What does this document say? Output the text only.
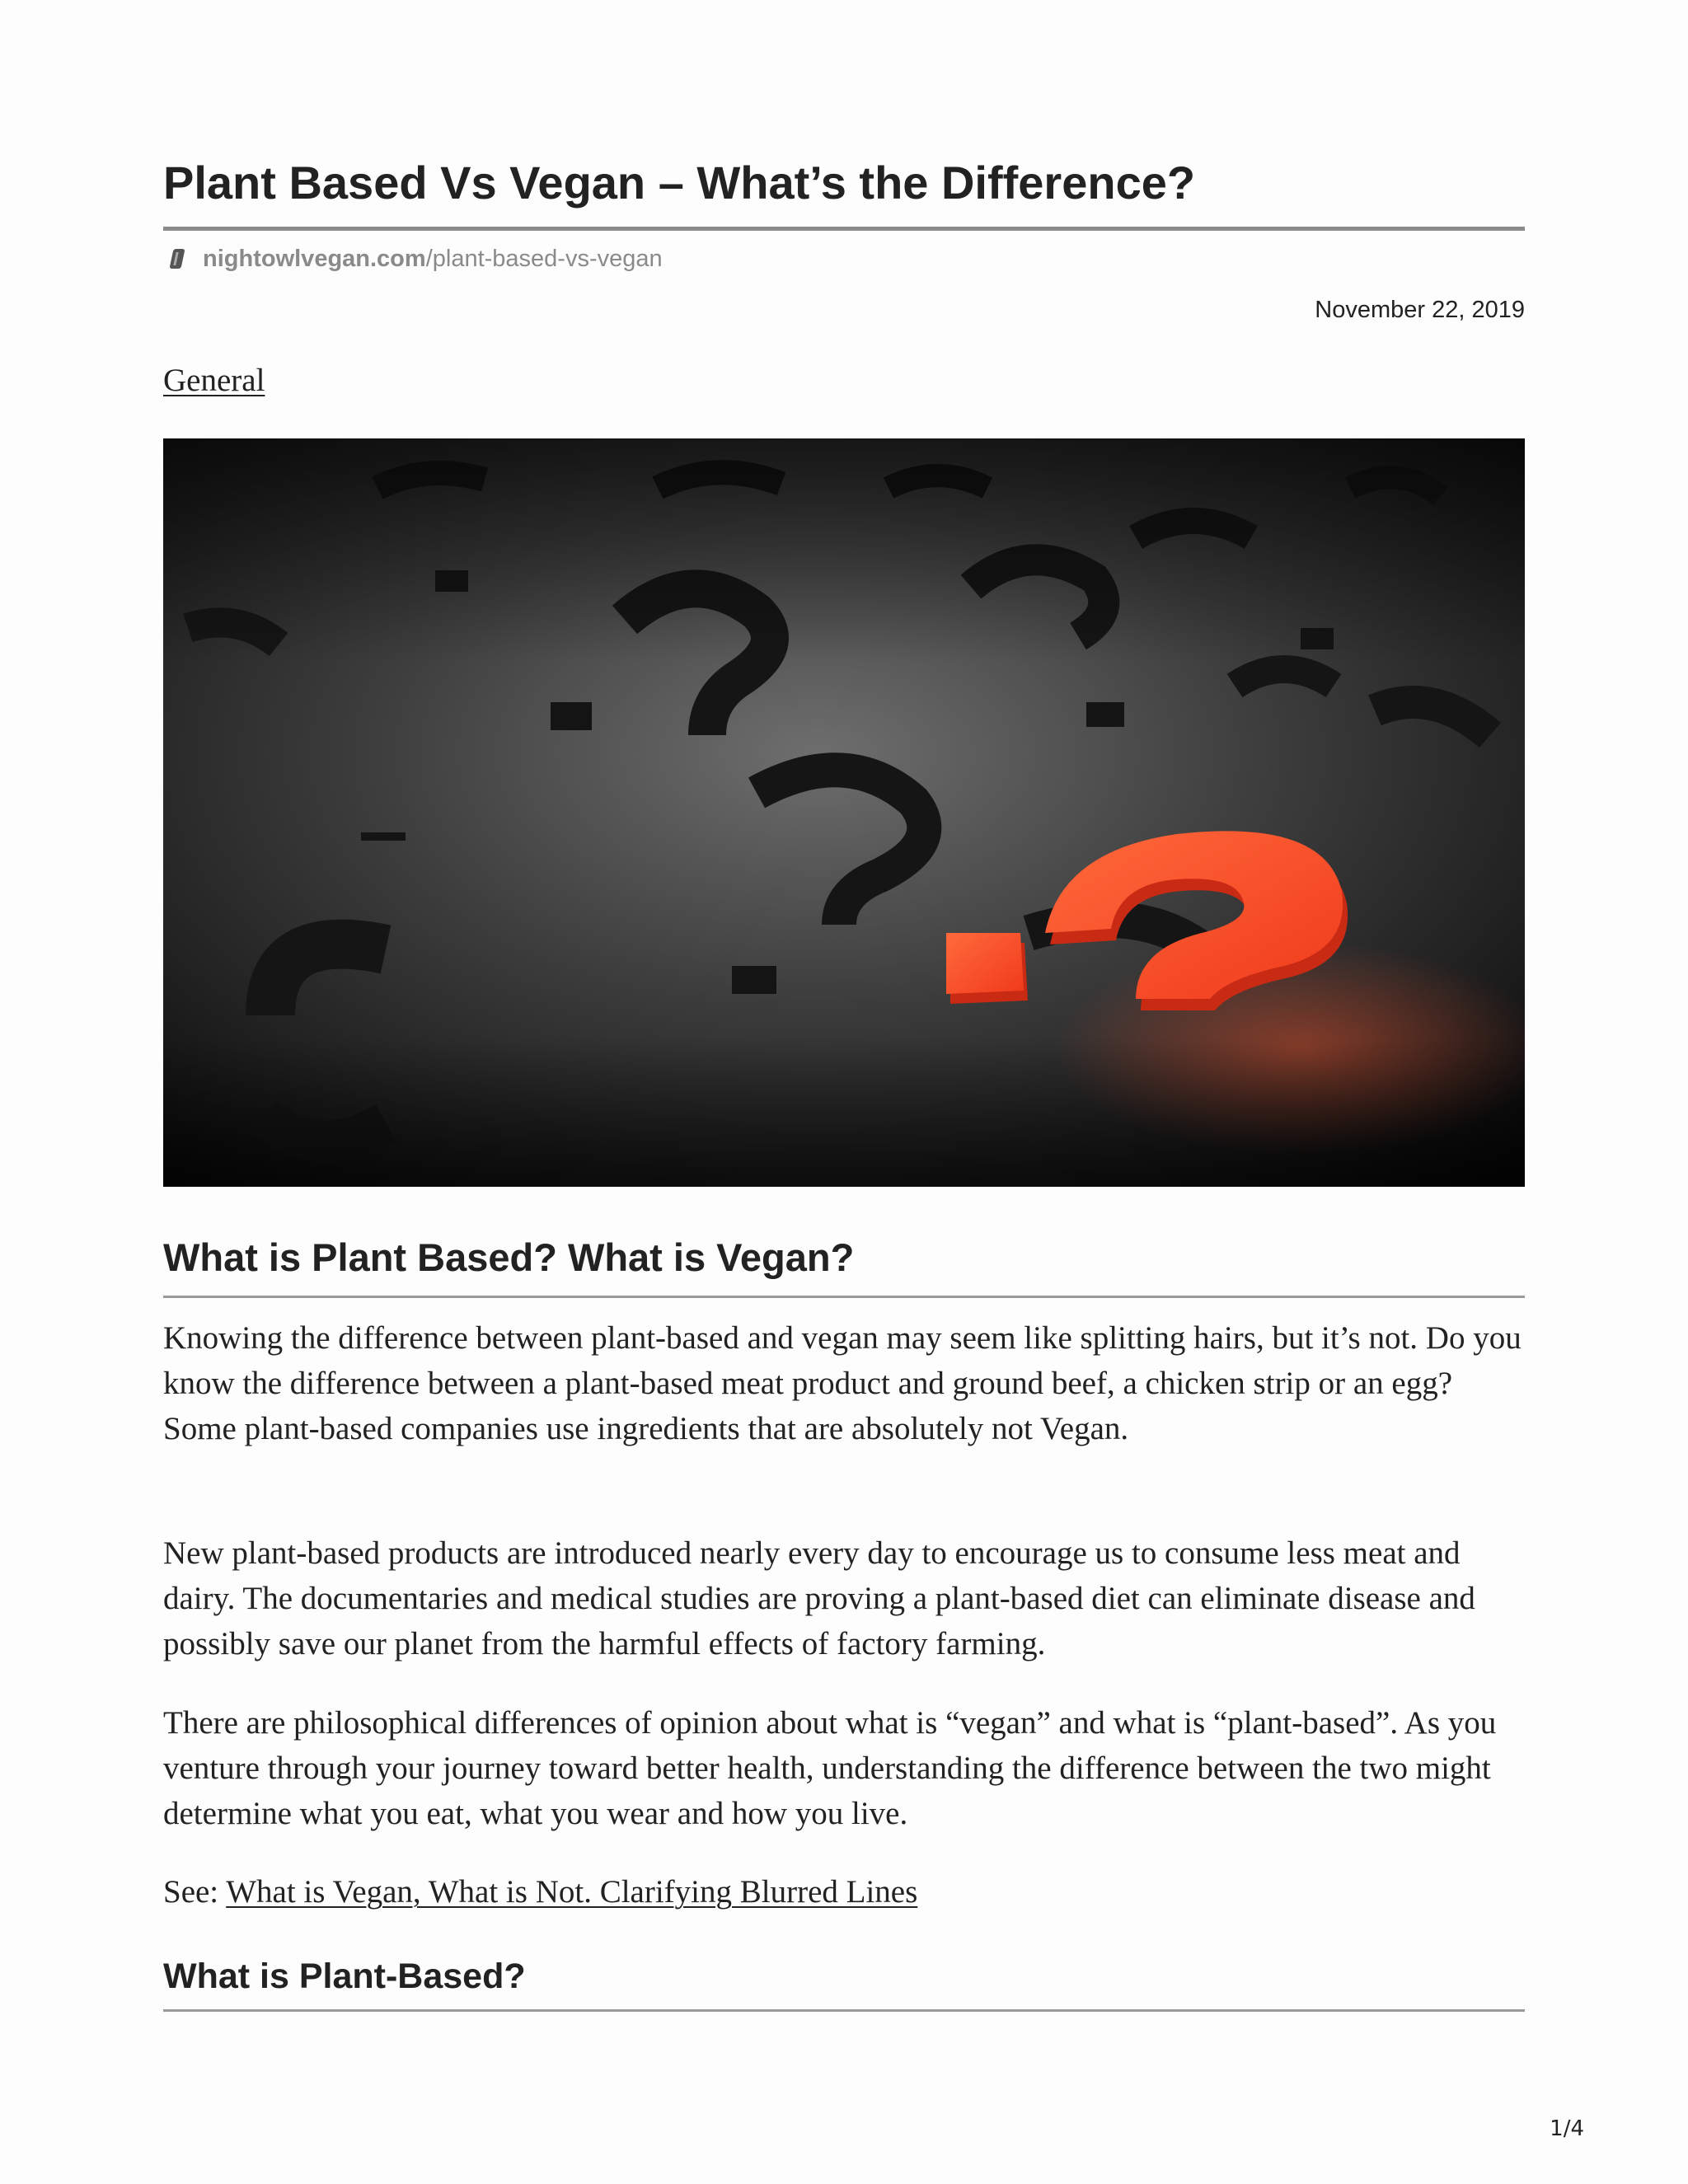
Plant Based Vs Vegan – What’s the Difference?
nightowlvegan.com/plant-based-vs-vegan
November 22, 2019
General
What is Plant Based? What is Vegan?

Knowing the difference between plant-based and vegan may seem like splitting hairs, but it’s not. Do you know the difference between a plant-based meat product and ground beef, a chicken strip or an egg? Some plant-based companies use ingredients that are absolutely not Vegan.

New plant-based products are introduced nearly every day to encourage us to consume less meat and dairy. The documentaries and medical studies are proving a plant-based diet can eliminate disease and possibly save our planet from the harmful effects of factory farming.

There are philosophical differences of opinion about what is “vegan” and what is “plant-based”. As you venture through your journey toward better health, understanding the difference between the two might determine what you eat, what you wear and how you live.

See: What is Vegan, What is Not. Clarifying Blurred Lines

What is Plant-Based?
1/4
